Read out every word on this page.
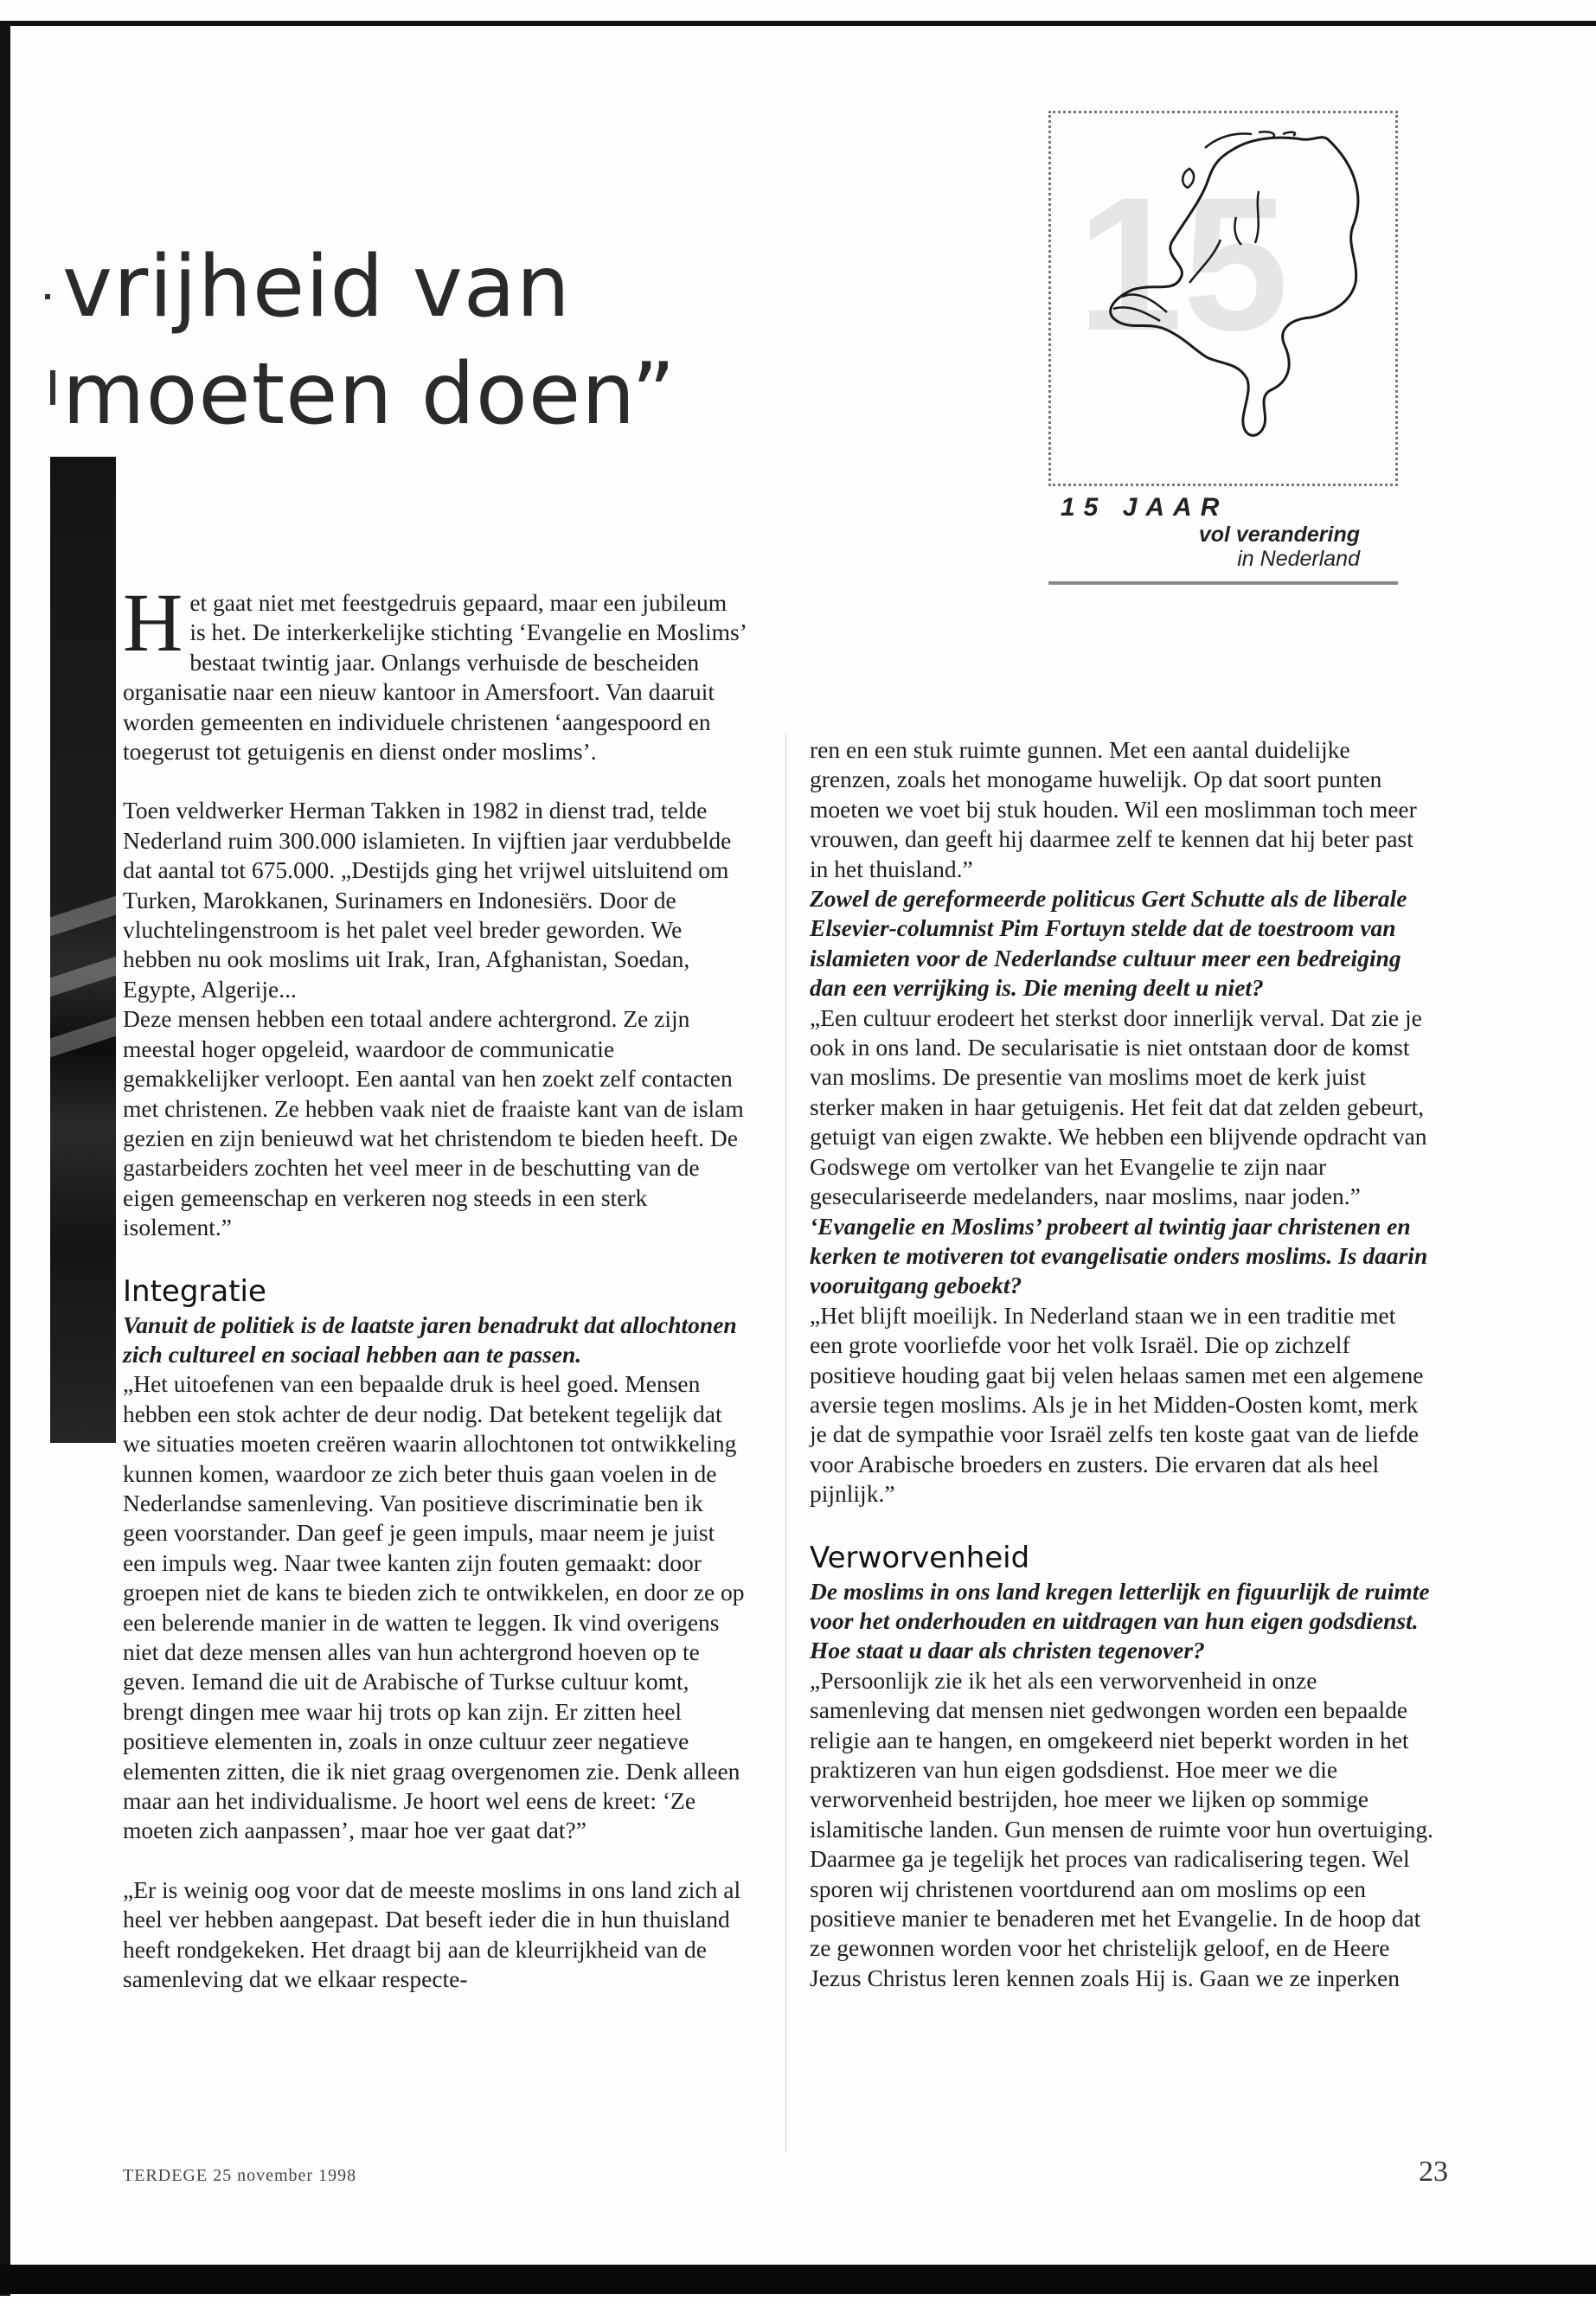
vrijheid van
moeten doen”
15
15 JAAR
vol verandering
in Nederland

Het gaat niet met feestgedruis gepaard, maar een jubileum is het. De interkerkelijke stichting ‘Evangelie en Moslims’ bestaat twintig jaar. Onlangs verhuisde de bescheiden organisatie naar een nieuw kantoor in Amersfoort. Van daaruit worden gemeenten en individuele christenen ‘aangespoord en toegerust tot getuigenis en dienst onder moslims’.

Toen veldwerker Herman Takken in 1982 in dienst trad, telde Nederland ruim 300.000 islamieten. In vijftien jaar verdubbelde dat aantal tot 675.000. „Destijds ging het vrijwel uitsluitend om Turken, Marokkanen, Surinamers en Indonesiërs. Door de vluchtelingenstroom is het palet veel breder geworden. We hebben nu ook moslims uit Irak, Iran, Afghanistan, Soedan, Egypte, Algerije...

Deze mensen hebben een totaal andere achtergrond. Ze zijn meestal hoger opgeleid, waardoor de communicatie gemakkelijker verloopt. Een aantal van hen zoekt zelf contacten met christenen. Ze hebben vaak niet de fraaiste kant van de islam gezien en zijn benieuwd wat het christendom te bieden heeft. De gastarbeiders zochten het veel meer in de beschutting van de eigen gemeenschap en verkeren nog steeds in een sterk isolement.”

Integratie

Vanuit de politiek is de laatste jaren benadrukt dat allochtonen zich cultureel en sociaal hebben aan te passen.

„Het uitoefenen van een bepaalde druk is heel goed. Mensen hebben een stok achter de deur nodig. Dat betekent tegelijk dat we situaties moeten creëren waarin allochtonen tot ontwikkeling kunnen komen, waardoor ze zich beter thuis gaan voelen in de Nederlandse samenleving. Van positieve discriminatie ben ik geen voorstander. Dan geef je geen impuls, maar neem je juist een impuls weg. Naar twee kanten zijn fouten gemaakt: door groepen niet de kans te bieden zich te ontwikkelen, en door ze op een belerende manier in de watten te leggen. Ik vind overigens niet dat deze mensen alles van hun achtergrond hoeven op te geven. Iemand die uit de Arabische of Turkse cultuur komt, brengt dingen mee waar hij trots op kan zijn. Er zitten heel positieve elementen in, zoals in onze cultuur zeer negatieve elementen zitten, die ik niet graag overgenomen zie. Denk alleen maar aan het individualisme. Je hoort wel eens de kreet: ‘Ze moeten zich aanpassen’, maar hoe ver gaat dat?”

„Er is weinig oog voor dat de meeste moslims in ons land zich al heel ver hebben aangepast. Dat beseft ieder die in hun thuisland heeft rondgekeken. Het draagt bij aan de kleurrijkheid van de samenleving dat we elkaar respecte-

ren en een stuk ruimte gunnen. Met een aantal duidelijke grenzen, zoals het monogame huwelijk. Op dat soort punten moeten we voet bij stuk houden. Wil een moslimman toch meer vrouwen, dan geeft hij daarmee zelf te kennen dat hij beter past in het thuisland.”

Zowel de gereformeerde politicus Gert Schutte als de liberale Elsevier-columnist Pim Fortuyn stelde dat de toestroom van islamieten voor de Nederlandse cultuur meer een bedreiging dan een verrijking is. Die mening deelt u niet?

„Een cultuur erodeert het sterkst door innerlijk verval. Dat zie je ook in ons land. De secularisatie is niet ontstaan door de komst van moslims. De presentie van moslims moet de kerk juist sterker maken in haar getuigenis. Het feit dat dat zelden gebeurt, getuigt van eigen zwakte. We hebben een blijvende opdracht van Godswege om vertolker van het Evangelie te zijn naar geseculariseerde medelanders, naar moslims, naar joden.”

‘Evangelie en Moslims’ probeert al twintig jaar christenen en kerken te motiveren tot evangelisatie onders moslims. Is daarin vooruitgang geboekt?

„Het blijft moeilijk. In Nederland staan we in een traditie met een grote voorliefde voor het volk Israël. Die op zichzelf positieve houding gaat bij velen helaas samen met een algemene aversie tegen moslims. Als je in het Midden-Oosten komt, merk je dat de sympathie voor Israël zelfs ten koste gaat van de liefde voor Arabische broeders en zusters. Die ervaren dat als heel pijnlijk.”

Verworvenheid

De moslims in ons land kregen letterlijk en figuurlijk de ruimte voor het onderhouden en uitdragen van hun eigen godsdienst. Hoe staat u daar als christen tegenover?

„Persoonlijk zie ik het als een verworvenheid in onze samenleving dat mensen niet gedwongen worden een bepaalde religie aan te hangen, en omgekeerd niet beperkt worden in het praktizeren van hun eigen godsdienst. Hoe meer we die verworvenheid bestrijden, hoe meer we lijken op sommige islamitische landen. Gun mensen de ruimte voor hun overtuiging. Daarmee ga je tegelijk het proces van radicalisering tegen. Wel sporen wij christenen voortdurend aan om moslims op een positieve manier te benaderen met het Evangelie. In de hoop dat ze gewonnen worden voor het christelijk geloof, en de Heere Jezus Christus leren kennen zoals Hij is. Gaan we ze inperken

TERDEGE 25 november 1998	23
